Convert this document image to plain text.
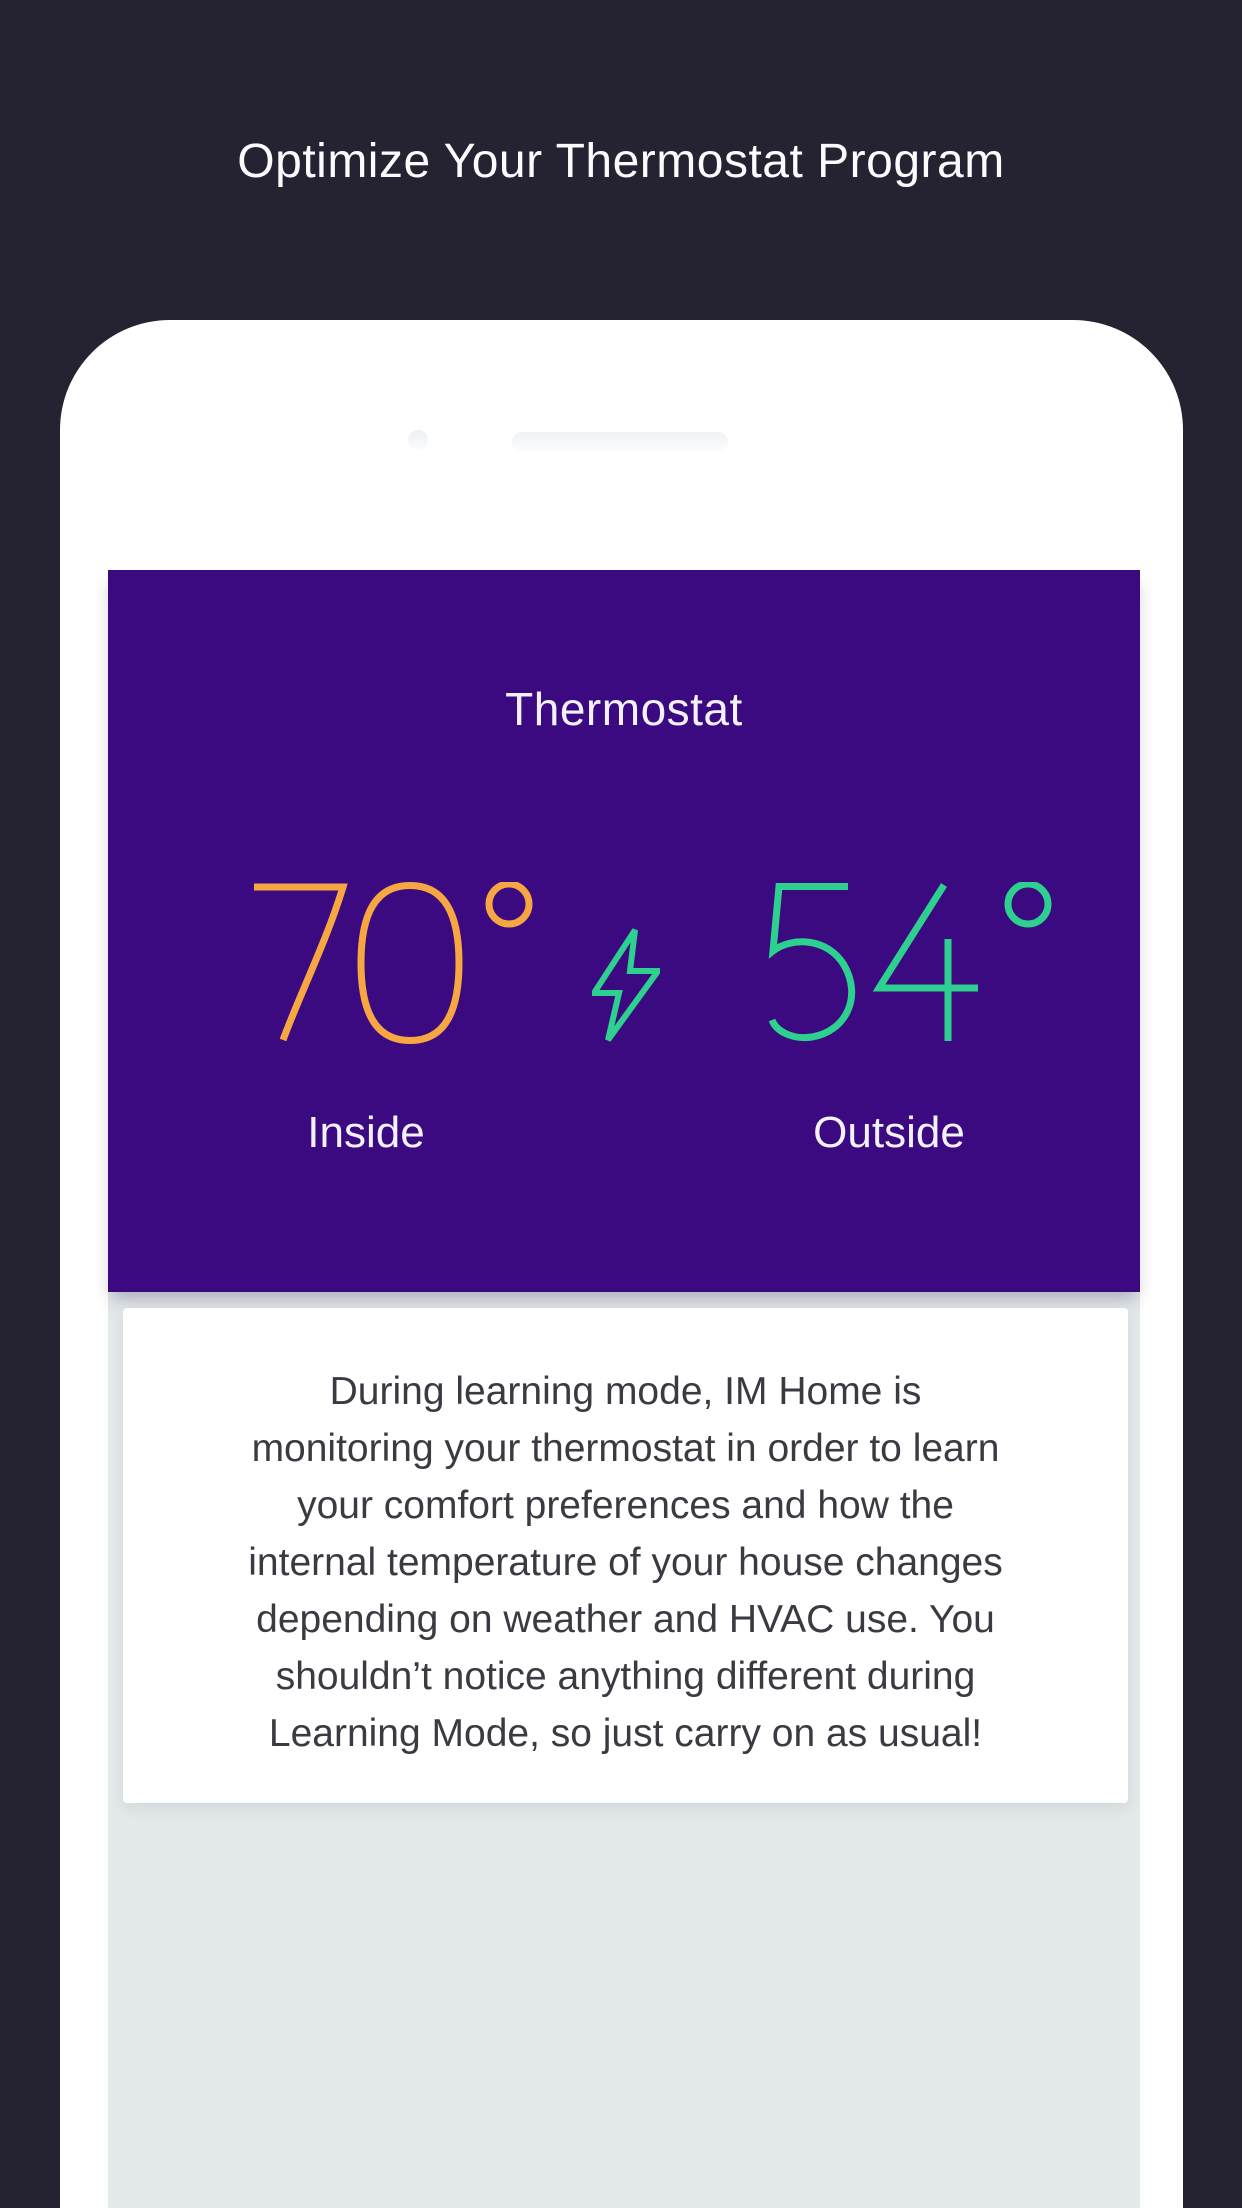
Optimize Your Thermostat Program
Thermostat
Inside	Outside
During learning mode, IM Home is
monitoring your thermostat in order to learn
your comfort preferences and how the
internal temperature of your house changes
depending on weather and HVAC use. You
shouldn’t notice anything different during
Learning Mode, so just carry on as usual!
